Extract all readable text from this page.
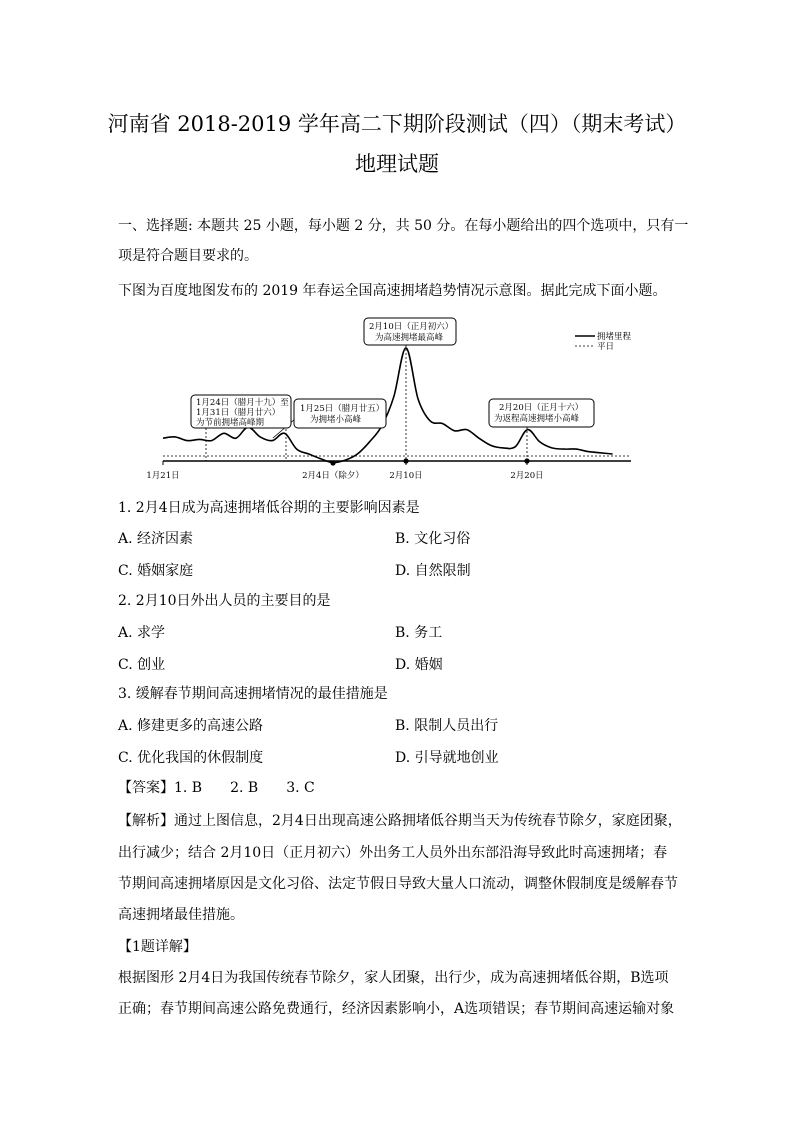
河南省 2018-2019 学年高二下期阶段测试（四）（期末考试）
地理试题
一、选择题: 本题共 25 小题，每小题 2 分，共 50 分。在每小题给出的四个选项中，只有一
项是符合题目要求的。
下图为百度地图发布的 2019 年春运全国高速拥堵趋势情况示意图。据此完成下面小题。
1月21日	2月4日（除夕）	2月10日	2月20日
1月24日（腊月十九）至
1月31日（腊月廿六）
为节前拥堵高峰期
1月25日（腊月廿五）
为拥堵小高峰
2月10日（正月初六）
为高速拥堵最高峰
2月20日（正月十六）
为返程高速拥堵小高峰
拥堵里程
平日
1. 2月4日成为高速拥堵低谷期的主要影响因素是
A. 经济因素	B. 文化习俗
C. 婚姻家庭	D. 自然限制
2. 2月10日外出人员的主要目的是
A. 求学	B. 务工
C. 创业	D. 婚姻
3. 缓解春节期间高速拥堵情况的最佳措施是
A. 修建更多的高速公路	B. 限制人员出行
C. 优化我国的休假制度	D. 引导就地创业
【答案】1. B　　2. B　　3. C
【解析】通过上图信息，2月4日出现高速公路拥堵低谷期当天为传统春节除夕，家庭团聚，
出行减少；结合 2月10日（正月初六）外出务工人员外出东部沿海导致此时高速拥堵；春
节期间高速拥堵原因是文化习俗、法定节假日导致大量人口流动，调整休假制度是缓解春节
高速拥堵最佳措施。
【1题详解】
根据图形 2月4日为我国传统春节除夕，家人团聚，出行少，成为高速拥堵低谷期，B选项
正确；春节期间高速公路免费通行，经济因素影响小，A选项错误；春节期间高速运输对象
